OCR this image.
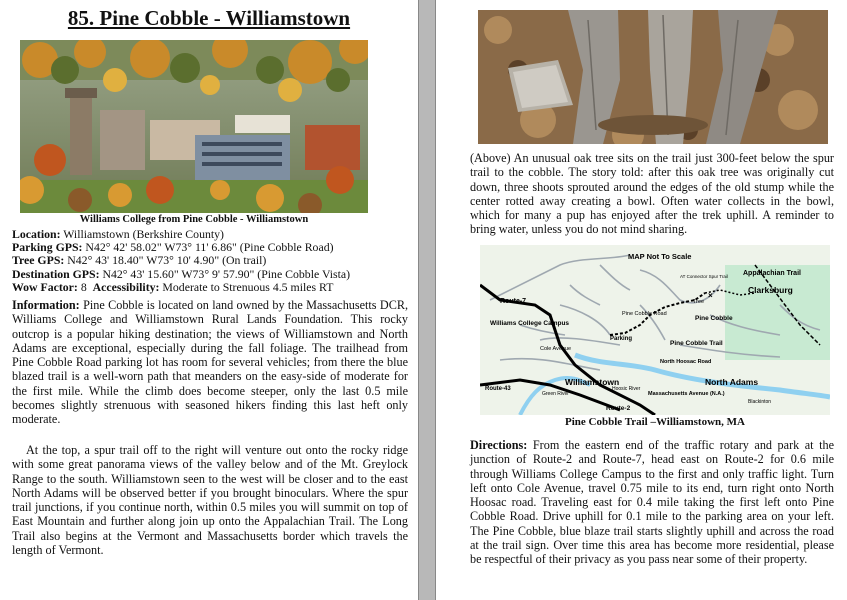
85. Pine Cobble - Williamstown
Williams College from Pine Cobble - Williamstown
Location: Williamstown (Berkshire County)
Parking GPS: N42° 42' 58.02" W73° 11' 6.86" (Pine Cobble Road)
Tree GPS: N42° 43' 18.40" W73° 10' 4.90" (On trail)
Destination GPS: N42° 43' 15.60" W73° 9' 57.90" (Pine Cobble Vista)
Wow Factor: 8 Accessibility: Moderate to Strenuous 4.5 miles RT

Information: Pine Cobble is located on land owned by the Massachusetts DCR, Williams College and Williamstown Rural Lands Foundation. This rocky outcrop is a popular hiking destination; the views of Williamstown and North Adams are exceptional, especially during the fall foliage. The trailhead from Pine Cobble Road parking lot has room for several vehicles; from there the blue blazed trail is a well-worn path that meanders on the easy-side of moderate for the first mile. While the climb does become steeper, only the last 0.5 mile becomes slightly strenuous with seasoned hikers finding this last heft only moderate.

At the top, a spur trail off to the right will venture out onto the rocky ridge with some great panorama views of the valley below and of the Mt. Greylock Range to the south. Williamstown seen to the west will be closer and to the east North Adams will be observed better if you brought binoculars. Where the spur trail junctions, if you continue north, within 0.5 miles you will summit on top of East Mountain and further along join up onto the Appalachian Trail. The Long Trail also begins at the Vermont and Massachusetts border which travels the length of Vermont.

(Above) An unusual oak tree sits on the trail just 300-feet below the spur trail to the cobble. The story told: after this oak tree was originally cut down, three shoots sprouted around the edges of the old stump while the center rotted away creating a bowl. Often water collects in the bowl, which for many a pup has enjoyed after the trek uphill. A reminder to bring water, unless you do not mind sharing.

Route-7
Williams College Campus
Cole Avenue
Parking
Pine Cobble Road
Pine Cobble Trail
Pine Cobble
AT Connector Spur Trail
Tree
Appalachian Trail
Clarksburg
North Hoosac Road
North Adams
Route-43
Williamstown
Green River
Hoosic River
Route-2
Massachusetts Avenue (N.A.)
Blackinton
MAP Not To Scale
×
Pine Cobble Trail –Williamstown, MA

Directions: From the eastern end of the traffic rotary and park at the junction of Route-2 and Route-7, head east on Route-2 for 0.6 mile through Williams College Campus to the first and only traffic light. Turn left onto Cole Avenue, travel 0.75 mile to its end, turn right onto North Hoosac road. Traveling east for 0.4 mile taking the first left onto Pine Cobble Road. Drive uphill for 0.1 mile to the parking area on your left. The Pine Cobble, blue blaze trail starts slightly uphill and across the road at the trail sign. Over time this area has become more residential, please be respectful of their privacy as you pass near some of their property.
